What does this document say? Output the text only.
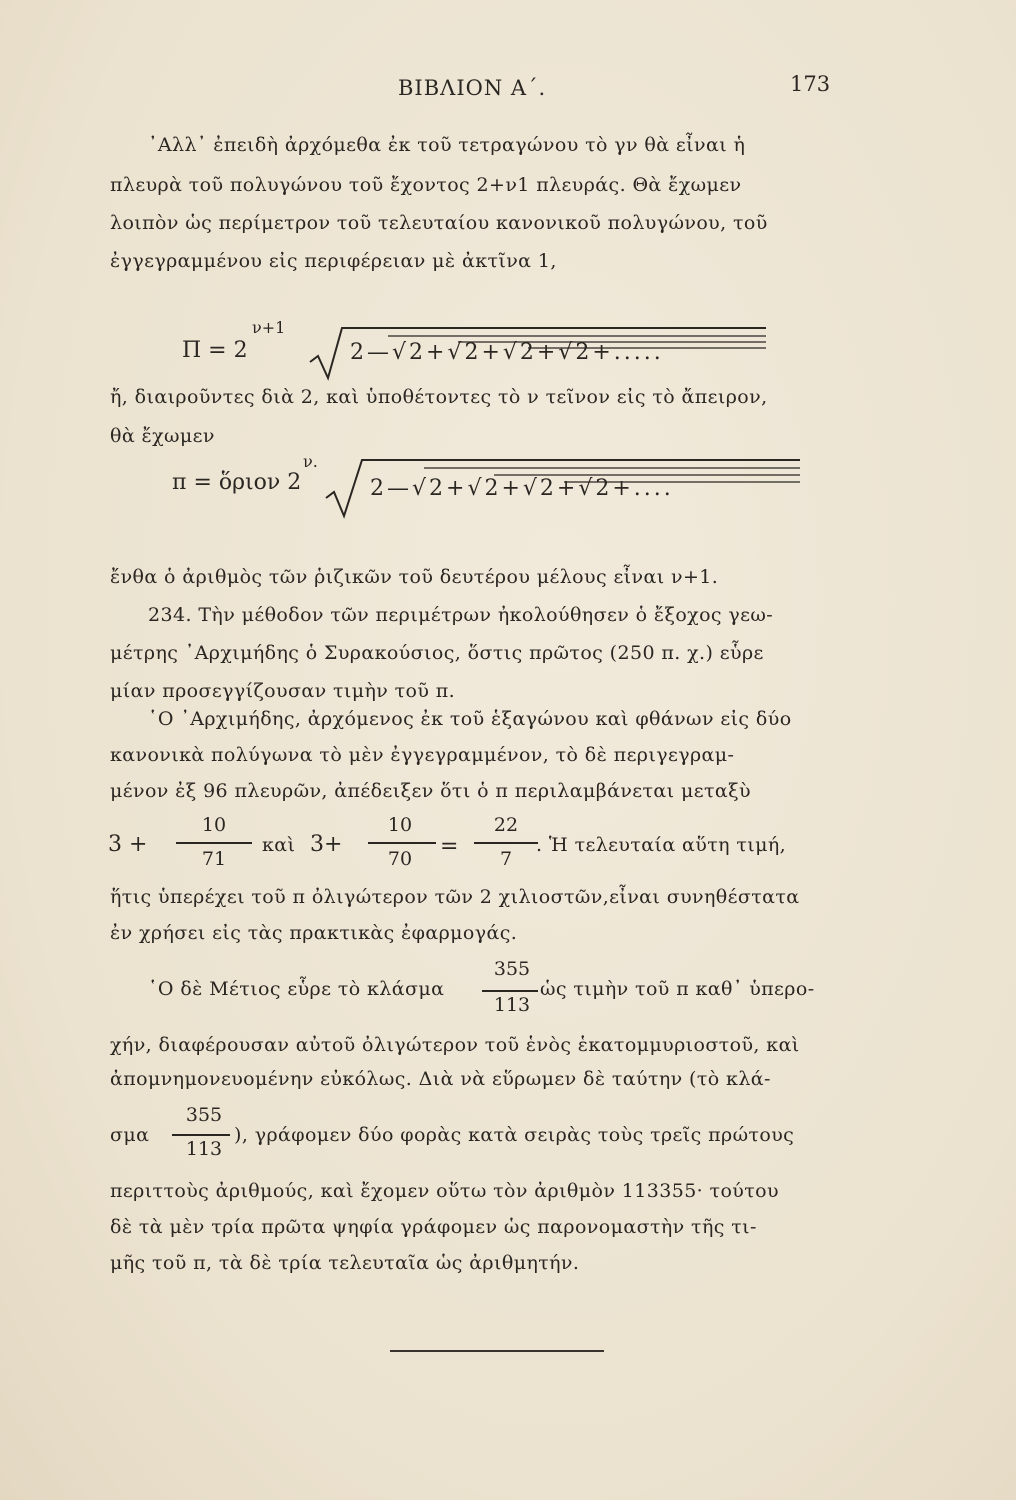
ΒΙΒΛΙΟΝ Α΄.	173
᾿Αλλ᾿ ἐπειδὴ ἀρχόμεθα ἐκ τοῦ τετραγώνου τὸ γν θὰ εἶναι ἡ
πλευρὰ τοῦ πολυγώνου τοῦ ἔχοντος 2+ν1 πλευράς. Θὰ ἔχωμεν
λοιπὸν ὡς περίμετρον τοῦ τελευταίου κανονικοῦ πολυγώνου, τοῦ
ἐγγεγραμμένου εἰς περιφέρειαν μὲ ἀκτῖνα 1,
Π = 2
ν+1
2—√2+√2+√2+√2+.....
ἤ, διαιροῦντες διὰ 2, καὶ ὑποθέτοντες τὸ ν τεῖνον εἰς τὸ ἄπειρον,
θὰ ἔχωμεν
π = ὅριον 2
ν.
2—√2+√2+√2+√2+....
ἔνθα ὁ ἀριθμὸς τῶν ῥιζικῶν τοῦ δευτέρου μέλους εἶναι ν+1.
234. Τὴν μέθοδον τῶν περιμέτρων ἠκολούθησεν ὁ ἔξοχος γεω-
μέτρης ᾿Αρχιμήδης ὁ Συρακούσιος, ὅστις πρῶτος (250 π. χ.) εὗρε
μίαν προσεγγίζουσαν τιμὴν τοῦ π.
῾Ο ᾿Αρχιμήδης, ἀρχόμενος ἐκ τοῦ ἑξαγώνου καὶ φθάνων εἰς δύο
κανονικὰ πολύγωνα τὸ μὲν ἐγγεγραμμένον, τὸ δὲ περιγεγραμ-
μένον ἐξ 96 πλευρῶν, ἀπέδειξεν ὅτι ὁ π περιλαμβάνεται μεταξὺ
3 +
10
71
καὶ 3+
10
70	=
22
7
. Ἡ τελευταία αὕτη τιμή,
ἥτις ὑπερέχει τοῦ π ὀλιγώτερον τῶν 2 χιλιοστῶν,εἶναι συνηθέστατα
ἐν χρήσει εἰς τὰς πρακτικὰς ἐφαρμογάς.
῾Ο δὲ Μέτιος εὗρε τὸ κλάσμα
355
113
ὡς τιμὴν τοῦ π καθ᾿ ὑπερο-
χήν, διαφέρουσαν αὐτοῦ ὀλιγώτερον τοῦ ἑνὸς ἑκατομμυριοστοῦ, καὶ
ἀπομνημονευομένην εὐκόλως. Διὰ νὰ εὕρωμεν δὲ ταύτην (τὸ κλά-
σμα
355
113
), γράφομεν δύο φορὰς κατὰ σειρὰς τοὺς τρεῖς πρώτους
περιττοὺς ἀριθμούς, καὶ ἔχομεν οὕτω τὸν ἀριθμὸν 113355· τούτου
δὲ τὰ μὲν τρία πρῶτα ψηφία γράφομεν ὡς παρονομαστὴν τῆς τι-
μῆς τοῦ π, τὰ δὲ τρία τελευταῖα ὡς ἀριθμητήν.
